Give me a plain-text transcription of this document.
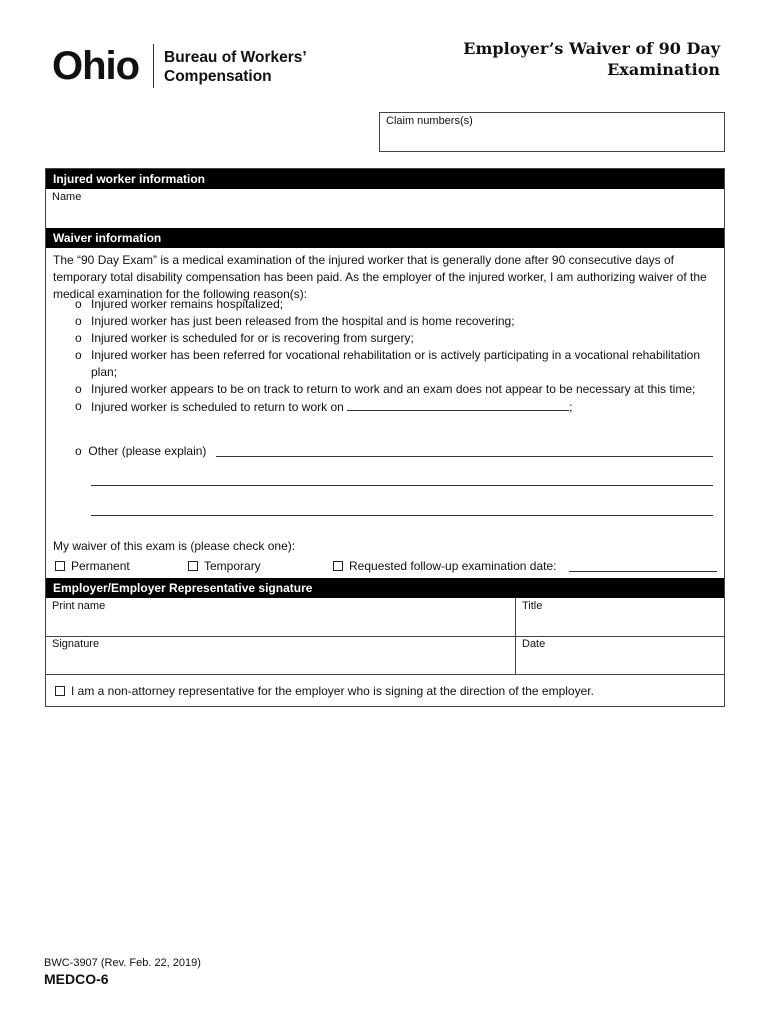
Ohio Bureau of Workers’
Compensation
Employer’s Waiver of 90 Day
Examination
Claim numbers(s)
Injured worker information
Name
Waiver information
The “90 Day Exam” is a medical examination of the injured worker that is generally done after 90 consecutive days of temporary total disability compensation has been paid. As the employer of the injured worker, I am authorizing waiver of the medical examination for the following reason(s):
o Injured worker remains hospitalized;
o Injured worker has just been released from the hospital and is home recovering;
o Injured worker is scheduled for or is recovering from surgery;
o Injured worker has been referred for vocational rehabilitation or is actively participating in a vocational rehabilitation plan;
o Injured worker appears to be on track to return to work and an exam does not appear to be necessary at this time;
o Injured worker is scheduled to return to work on	;
o Other (please explain)
My waiver of this exam is (please check one):
Permanent	Temporary	Requested follow-up examination date:
Employer/Employer Representative signature
Print name	Title
Signature	Date
I am a non-attorney representative for the employer who is signing at the direction of the employer.
BWC-3907 (Rev. Feb. 22, 2019)
MEDCO-6
